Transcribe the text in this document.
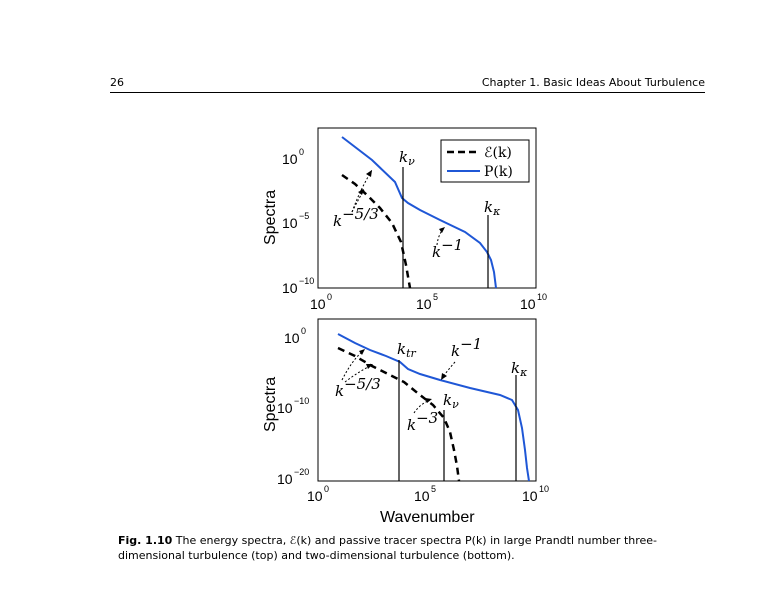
26	Chapter 1. Basic Ideas About Turbulence
10 0
10 −5
10 −10
10 0	10 5	10 10
Spectra
$k_\nu$
$k_\kappa$
k−5/3
k−1
ℰ(k)
Ρ(k)
10 0
10 −10
10 −20
10 0	10 5	10 10
Spectra
Wavenumber
$k_{tr}$ k−1
$k_\kappa$
k−5/3
$k_\nu$
k−3
Fig. 1.10 The energy spectra, ℰ(k) and passive tracer spectra Ρ(k) in large Prandtl number three-dimensional turbulence (top) and two-dimensional turbulence (bottom).
